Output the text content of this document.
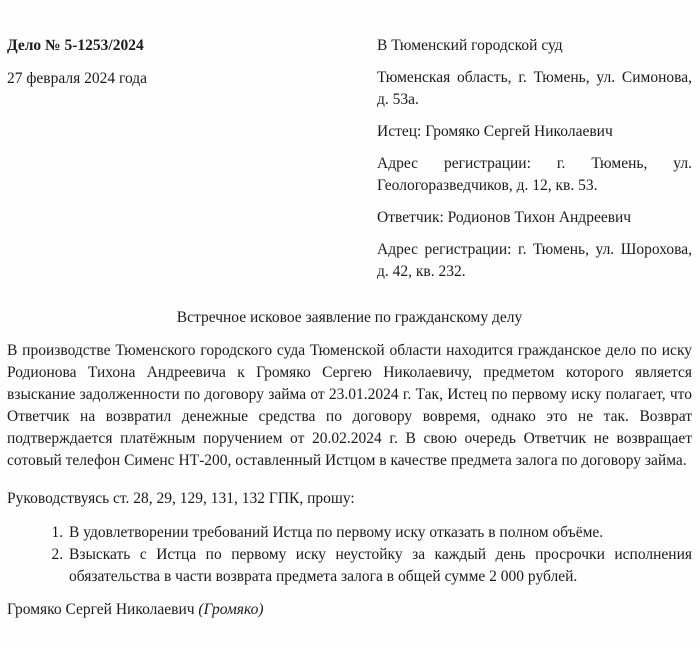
Дело № 5-1253/2024

27 февраля 2024 года

В Тюменский городской суд

Тюменская область, г. Тюмень, ул. Симонова, д. 53а.

Истец: Громяко Сергей Николаевич

Адрес регистрации: г. Тюмень, ул. Геологоразведчиков, д. 12, кв. 53.

Ответчик: Родионов Тихон Андреевич

Адрес регистрации: г. Тюмень, ул. Шорохова, д. 42, кв. 232.

Встречное исковое заявление по гражданскому делу

В производстве Тюменского городского суда Тюменской области находится гражданское дело по иску Родионова Тихона Андреевича к Громяко Сергею Николаевичу, предметом которого является взыскание задолженности по договору займа от 23.01.2024 г. Так, Истец по первому иску полагает, что Ответчик на возвратил денежные средства по договору вовремя, однако это не так. Возврат подтверждается платёжным поручением от 20.02.2024 г. В свою очередь Ответчик не возвращает сотовый телефон Сименс НТ-200, оставленный Истцом в качестве предмета залога по договору займа.

Руководствуясь ст. 28, 29, 129, 131, 132 ГПК, прошу:

1. В удовлетворении требований Истца по первому иску отказать в полном объёме.
2. Взыскать с Истца по первому иску неустойку за каждый день просрочки исполнения обязательства в части возврата предмета залога в общей сумме 2 000 рублей.

Громяко Сергей Николаевич (Громяко)
